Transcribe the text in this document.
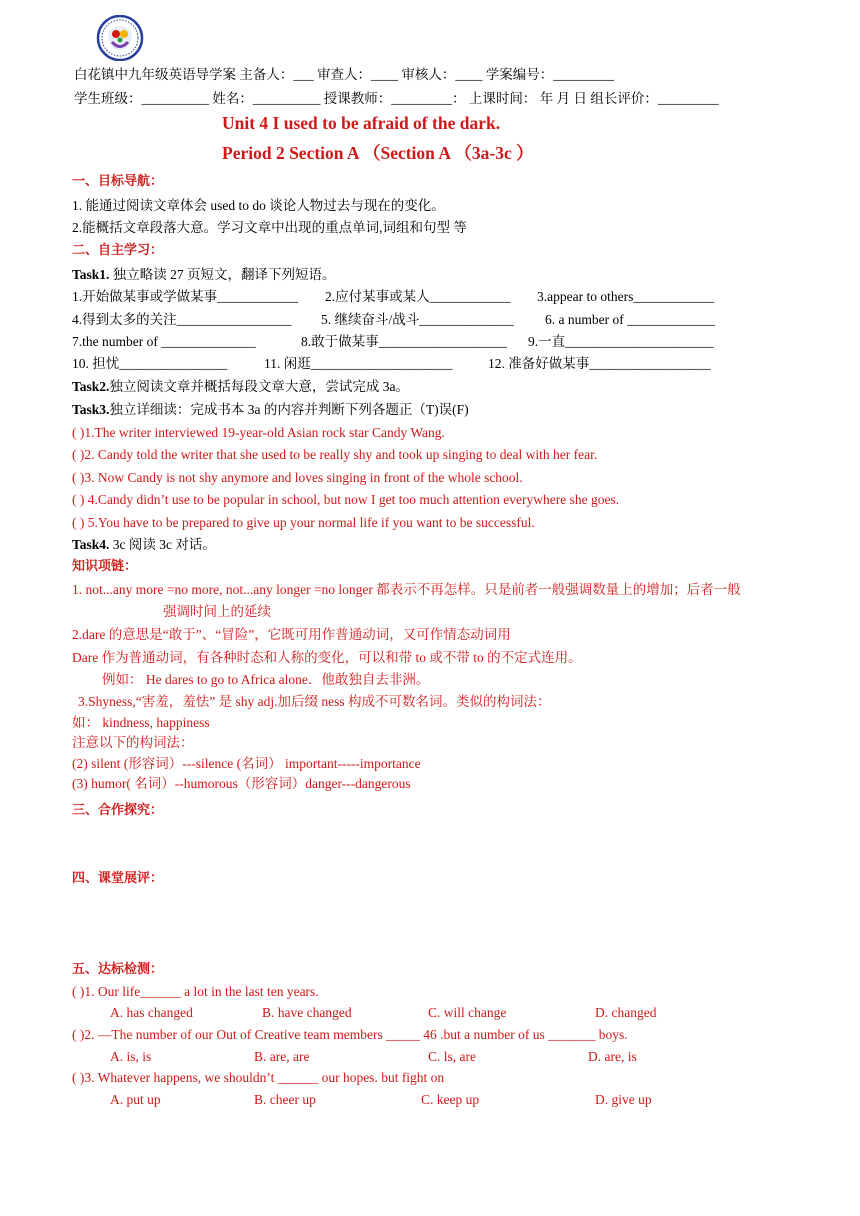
白花镇中九年级英语导学案 主备人：___ 审查人：____ 审核人：____ 学案编号：_________
学生班级：__________ 姓名：__________ 授课教师：_________： 上课时间： 年 月 日 组长评价：_________
Unit 4 I used to be afraid of the dark.
Period 2 Section A （Section A （3a-3c ）
一、目标导航：
1. 能通过阅读文章体会 used to do 谈论人物过去与现在的变化。
2.能概括文章段落大意。学习文章中出现的重点单词,词组和句型 等
二、自主学习：
Task1. 独立略读 27 页短文，翻译下列短语。
1.开始做某事或学做某事____________ 2.应付某事或某人____________ 3.appear to others____________
4.得到太多的关注_________________ 5. 继续奋斗/战斗______________ 6. a number of _____________
7.the number of ______________	8.敢于做某事___________________ 9.一直______________________
10. 担忧________________	11. 闲逛_____________________	12. 准备好做某事__________________
Task2.独立阅读文章并概括每段文章大意，尝试完成 3a。
Task3.独立详细读：完成书本 3a 的内容并判断下列各题正（T)误(F)
( )1.The writer interviewed 19-year-old Asian rock star Candy Wang.
( )2. Candy told the writer that she used to be really shy and took up singing to deal with her fear.
( )3. Now Candy is not shy anymore and loves singing in front of the whole school.
( ) 4.Candy didn’t use to be popular in school, but now I get too much attention everywhere she goes.
( ) 5.You have to be prepared to give up your normal life if you want to be successful.
Task4. 3c 阅读 3c 对话。
知识项链：
1. not...any more =no more, not...any longer =no longer 都表示不再怎样。只是前者一般强调数量上的增加；后者一般
强调时间上的延续
2.dare 的意思是“敢于”、“冒险”，它既可用作普通动词，又可作情态动词用
Dare 作为普通动词，有各种时态和人称的变化，可以和带 to 或不带 to 的不定式连用。
例如： He dares to go to Africa alone．他敢独自去非洲。
3.Shyness,“害羞，羞怯” 是 shy adj.加后缀 ness 构成不可数名词。类似的构词法：
如： kindness, happiness
注意以下的构词法：
(2) silent (形容词）---silence (名词） important-----importance
(3) humor( 名词）--humorous（形容词）danger---dangerous
三、合作探究：
四、课堂展评：
五、达标检测：
( )1. Our life______ a lot in the last ten years.
A. has changed	B. have changed	C. will change	D. changed
( )2. —The number of our Out of Creative team members _____ 46 .but a number of us _______ boys.
A. is, is	B. are, are	C. ls, are	D. are, is
( )3. Whatever happens, we shouldn’t ______ our hopes. but fight on
A. put up	B. cheer up	C. keep up	D. give up
